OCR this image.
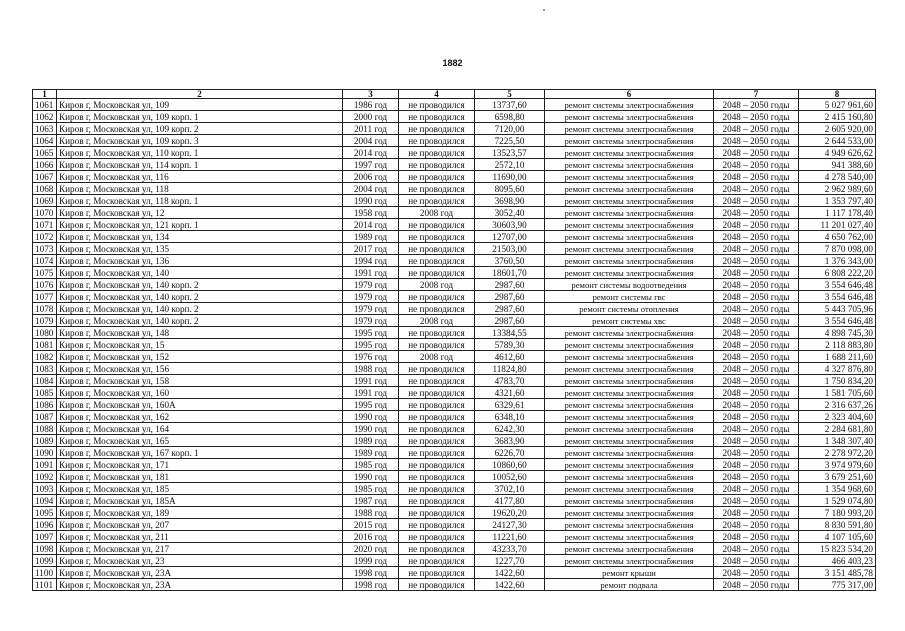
1882
1	2	3	4	5	6	7	8
1061	Киров г, Московская ул, 109	1986 год	не проводился	13737,60	ремонт системы электроснабжения	2048 – 2050 годы	5 027 961,60
1062	Киров г, Московская ул, 109 корп. 1	2000 год	не проводился	6598,80	ремонт системы электроснабжения	2048 – 2050 годы	2 415 160,80
1063	Киров г, Московская ул, 109 корп. 2	2011 год	не проводился	7120,00	ремонт системы электроснабжения	2048 – 2050 годы	2 605 920,00
1064	Киров г, Московская ул, 109 корп. 3	2004 год	не проводился	7225,50	ремонт системы электроснабжения	2048 – 2050 годы	2 644 533,00
1065	Киров г, Московская ул, 110 корп. 1	2014 год	не проводился	13523,57	ремонт системы электроснабжения	2048 – 2050 годы	4 949 626,62
1066	Киров г, Московская ул, 114 корп. 1	1997 год	не проводился	2572,10	ремонт системы электроснабжения	2048 – 2050 годы	941 388,60
1067	Киров г, Московская ул, 116	2006 год	не проводился	11690,00	ремонт системы электроснабжения	2048 – 2050 годы	4 278 540,00
1068	Киров г, Московская ул, 118	2004 год	не проводился	8095,60	ремонт системы электроснабжения	2048 – 2050 годы	2 962 989,60
1069	Киров г, Московская ул, 118 корп. 1	1990 год	не проводился	3698,90	ремонт системы электроснабжения	2048 – 2050 годы	1 353 797,40
1070	Киров г, Московская ул, 12	1958 год	2008 год	3052,40	ремонт системы электроснабжения	2048 – 2050 годы	1 117 178,40
1071	Киров г, Московская ул, 121 корп. 1	2014 год	не проводился	30603,90	ремонт системы электроснабжения	2048 – 2050 годы	11 201 027,40
1072	Киров г, Московская ул, 134	1989 год	не проводился	12707,00	ремонт системы электроснабжения	2048 – 2050 годы	4 650 762,00
1073	Киров г, Московская ул, 135	2017 год	не проводился	21503,00	ремонт системы электроснабжения	2048 – 2050 годы	7 870 098,00
1074	Киров г, Московская ул, 136	1994 год	не проводился	3760,50	ремонт системы электроснабжения	2048 – 2050 годы	1 376 343,00
1075	Киров г, Московская ул, 140	1991 год	не проводился	18601,70	ремонт системы электроснабжения	2048 – 2050 годы	6 808 222,20
1076	Киров г, Московская ул, 140 корп. 2	1979 год	2008 год	2987,60	ремонт системы водоотведения	2048 – 2050 годы	3 554 646,48
1077	Киров г, Московская ул, 140 корп. 2	1979 год	не проводился	2987,60	ремонт системы гвс	2048 – 2050 годы	3 554 646,48
1078	Киров г, Московская ул, 140 корп. 2	1979 год	не проводился	2987,60	ремонт системы отопления	2048 – 2050 годы	5 443 705,96
1079	Киров г, Московская ул, 140 корп. 2	1979 год	2008 год	2987,60	ремонт системы хвс	2048 – 2050 годы	3 554 646,48
1080	Киров г, Московская ул, 148	1995 год	не проводился	13384,55	ремонт системы электроснабжения	2048 – 2050 годы	4 898 745,30
1081	Киров г, Московская ул, 15	1995 год	не проводился	5789,30	ремонт системы электроснабжения	2048 – 2050 годы	2 118 883,80
1082	Киров г, Московская ул, 152	1976 год	2008 год	4612,60	ремонт системы электроснабжения	2048 – 2050 годы	1 688 211,60
1083	Киров г, Московская ул, 156	1988 год	не проводился	11824,80	ремонт системы электроснабжения	2048 – 2050 годы	4 327 876,80
1084	Киров г, Московская ул, 158	1991 год	не проводился	4783,70	ремонт системы электроснабжения	2048 – 2050 годы	1 750 834,20
1085	Киров г, Московская ул, 160	1991 год	не проводился	4321,60	ремонт системы электроснабжения	2048 – 2050 годы	1 581 705,60
1086	Киров г, Московская ул, 160А	1995 год	не проводился	6329,61	ремонт системы электроснабжения	2048 – 2050 годы	2 316 637,26
1087	Киров г, Московская ул, 162	1990 год	не проводился	6348,10	ремонт системы электроснабжения	2048 – 2050 годы	2 323 404,60
1088	Киров г, Московская ул, 164	1990 год	не проводился	6242,30	ремонт системы электроснабжения	2048 – 2050 годы	2 284 681,80
1089	Киров г, Московская ул, 165	1989 год	не проводился	3683,90	ремонт системы электроснабжения	2048 – 2050 годы	1 348 307,40
1090	Киров г, Московская ул, 167 корп. 1	1989 год	не проводился	6226,70	ремонт системы электроснабжения	2048 – 2050 годы	2 278 972,20
1091	Киров г, Московская ул, 171	1985 год	не проводился	10860,60	ремонт системы электроснабжения	2048 – 2050 годы	3 974 979,60
1092	Киров г, Московская ул, 181	1990 год	не проводился	10052,60	ремонт системы электроснабжения	2048 – 2050 годы	3 679 251,60
1093	Киров г, Московская ул, 185	1985 год	не проводился	3702,10	ремонт системы электроснабжения	2048 – 2050 годы	1 354 968,60
1094	Киров г, Московская ул, 185А	1987 год	не проводился	4177,80	ремонт системы электроснабжения	2048 – 2050 годы	1 529 074,80
1095	Киров г, Московская ул, 189	1988 год	не проводился	19620,20	ремонт системы электроснабжения	2048 – 2050 годы	7 180 993,20
1096	Киров г, Московская ул, 207	2015 год	не проводился	24127,30	ремонт системы электроснабжения	2048 – 2050 годы	8 830 591,80
1097	Киров г, Московская ул, 211	2016 год	не проводился	11221,60	ремонт системы электроснабжения	2048 – 2050 годы	4 107 105,60
1098	Киров г, Московская ул, 217	2020 год	не проводился	43233,70	ремонт системы электроснабжения	2048 – 2050 годы	15 823 534,20
1099	Киров г, Московская ул, 23	1999 год	не проводился	1227,70	ремонт системы электроснабжения	2048 – 2050 годы	466 403,23
1100	Киров г, Московская ул, 23А	1998 год	не проводился	1422,60	ремонт крыши	2048 – 2050 годы	3 151 485,78
1101	Киров г, Московская ул, 23А	1998 год	не проводился	1422,60	ремонт подвала	2048 – 2050 годы	775 317,00
